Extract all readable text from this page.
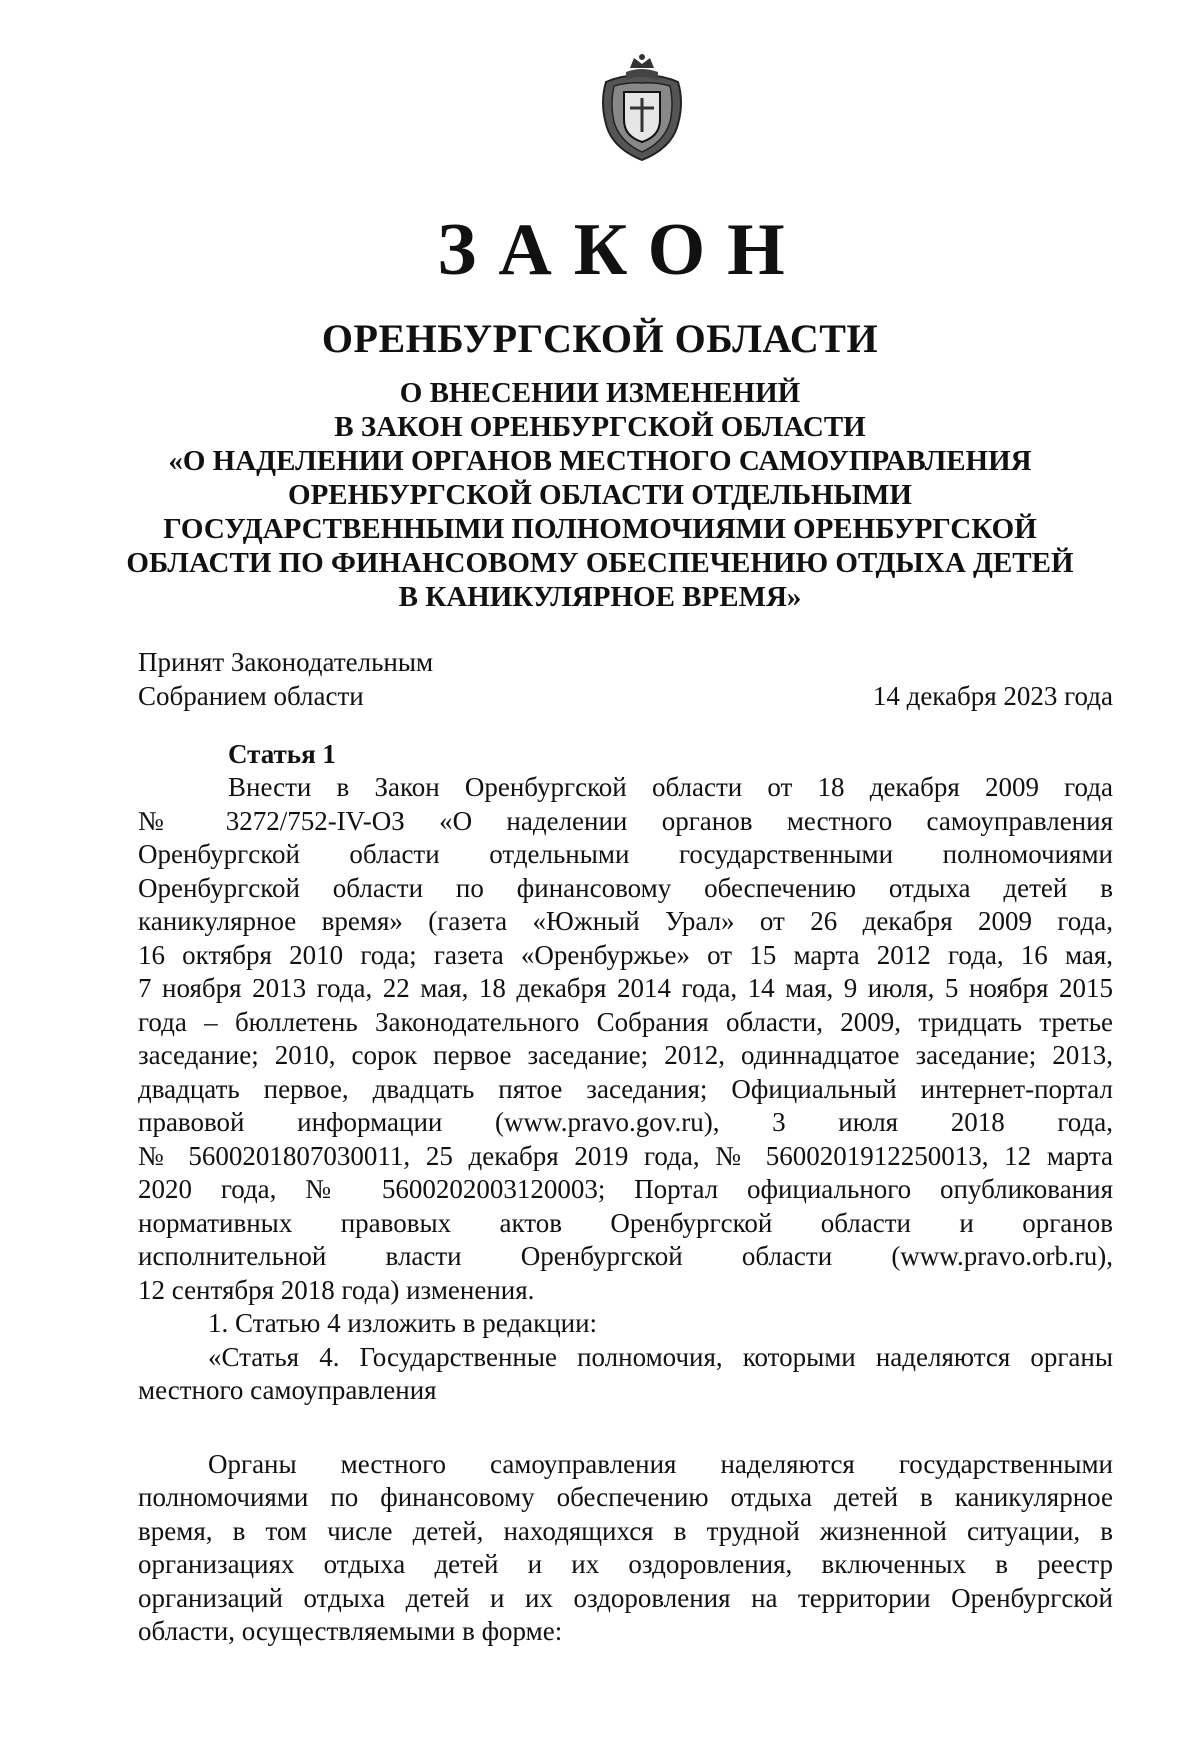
ЗАКОН
ОРЕНБУРГСКОЙ ОБЛАСТИ
О ВНЕСЕНИИ ИЗМЕНЕНИЙ
В ЗАКОН ОРЕНБУРГСКОЙ ОБЛАСТИ
«О НАДЕЛЕНИИ ОРГАНОВ МЕСТНОГО САМОУПРАВЛЕНИЯ
ОРЕНБУРГСКОЙ ОБЛАСТИ ОТДЕЛЬНЫМИ
ГОСУДАРСТВЕННЫМИ ПОЛНОМОЧИЯМИ ОРЕНБУРГСКОЙ
ОБЛАСТИ ПО ФИНАНСОВОМУ ОБЕСПЕЧЕНИЮ ОТДЫХА ДЕТЕЙ
В КАНИКУЛЯРНОЕ ВРЕМЯ»
Принят Законодательным
Собранием области	14 декабря 2023 года
Статья 1
Внести в Закон Оренбургской области от 18 декабря 2009 года
№ 3272/752-IV-ОЗ «О наделении органов местного самоуправления
Оренбургской области отдельными государственными полномочиями
Оренбургской области по финансовому обеспечению отдыха детей в
каникулярное время» (газета «Южный Урал» от 26 декабря 2009 года,
16 октября 2010 года; газета «Оренбуржье» от 15 марта 2012 года, 16 мая,
7 ноября 2013 года, 22 мая, 18 декабря 2014 года, 14 мая, 9 июля, 5 ноября 2015
года – бюллетень Законодательного Собрания области, 2009, тридцать третье
заседание; 2010, сорок первое заседание; 2012, одиннадцатое заседание; 2013,
двадцать первое, двадцать пятое заседания; Официальный интернет-портал
правовой информации (www.pravo.gov.ru), 3 июля 2018 года,
№ 5600201807030011, 25 декабря 2019 года, № 5600201912250013, 12 марта
2020 года, № 5600202003120003; Портал официального опубликования
нормативных правовых актов Оренбургской области и органов
исполнительной власти Оренбургской области (www.pravo.orb.ru),
12 сентября 2018 года) изменения.
1. Статью 4 изложить в редакции:
«Статья 4. Государственные полномочия, которыми наделяются органы
местного самоуправления
Органы местного самоуправления наделяются государственными
полномочиями по финансовому обеспечению отдыха детей в каникулярное
время, в том числе детей, находящихся в трудной жизненной ситуации, в
организациях отдыха детей и их оздоровления, включенных в реестр
организаций отдыха детей и их оздоровления на территории Оренбургской
области, осуществляемыми в форме:
